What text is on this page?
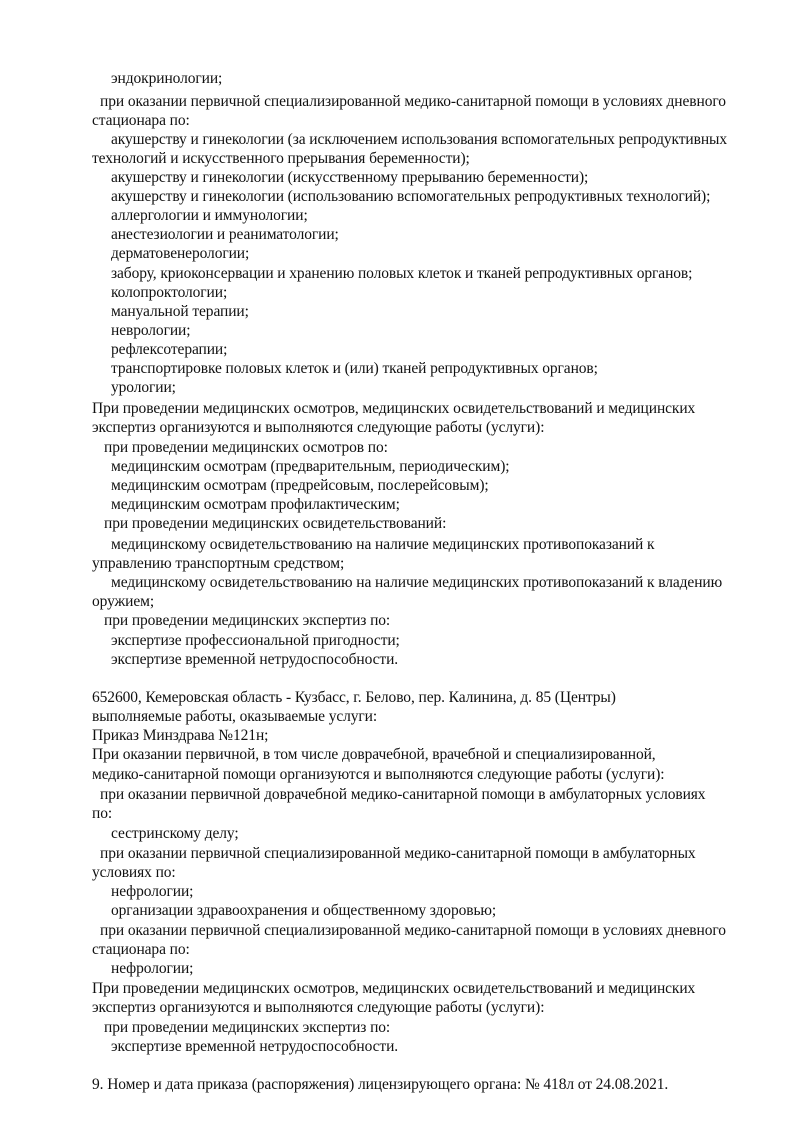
эндокринологии;
при оказании первичной специализированной медико-санитарной помощи в условиях дневного
стационара по:
акушерству и гинекологии (за исключением использования вспомогательных репродуктивных
технологий и искусственного прерывания беременности);
акушерству и гинекологии (искусственному прерыванию беременности);
акушерству и гинекологии (использованию вспомогательных репродуктивных технологий);
аллергологии и иммунологии;
анестезиологии и реаниматологии;
дерматовенерологии;
забору, криоконсервации и хранению половых клеток и тканей репродуктивных органов;
колопроктологии;
мануальной терапии;
неврологии;
рефлексотерапии;
транспортировке половых клеток и (или) тканей репродуктивных органов;
урологии;
При проведении медицинских осмотров, медицинских освидетельствований и медицинских
экспертиз организуются и выполняются следующие работы (услуги):
при проведении медицинских осмотров по:
медицинским осмотрам (предварительным, периодическим);
медицинским осмотрам (предрейсовым, послерейсовым);
медицинским осмотрам профилактическим;
при проведении медицинских освидетельствований:
медицинскому освидетельствованию на наличие медицинских противопоказаний к
управлению транспортным средством;
медицинскому освидетельствованию на наличие медицинских противопоказаний к владению
оружием;
при проведении медицинских экспертиз по:
экспертизе профессиональной пригодности;
экспертизе временной нетрудоспособности.
652600, Кемеровская область - Кузбасс, г. Белово, пер. Калинина, д. 85 (Центры)
выполняемые работы, оказываемые услуги:
Приказ Минздрава №121н;
При оказании первичной, в том числе доврачебной, врачебной и специализированной,
медико-санитарной помощи организуются и выполняются следующие работы (услуги):
при оказании первичной доврачебной медико-санитарной помощи в амбулаторных условиях
по:
сестринскому делу;
при оказании первичной специализированной медико-санитарной помощи в амбулаторных
условиях по:
нефрологии;
организации здравоохранения и общественному здоровью;
при оказании первичной специализированной медико-санитарной помощи в условиях дневного
стационара по:
нефрологии;
При проведении медицинских осмотров, медицинских освидетельствований и медицинских
экспертиз организуются и выполняются следующие работы (услуги):
при проведении медицинских экспертиз по:
экспертизе временной нетрудоспособности.
9. Номер и дата приказа (распоряжения) лицензирующего органа: № 418л от 24.08.2021.
